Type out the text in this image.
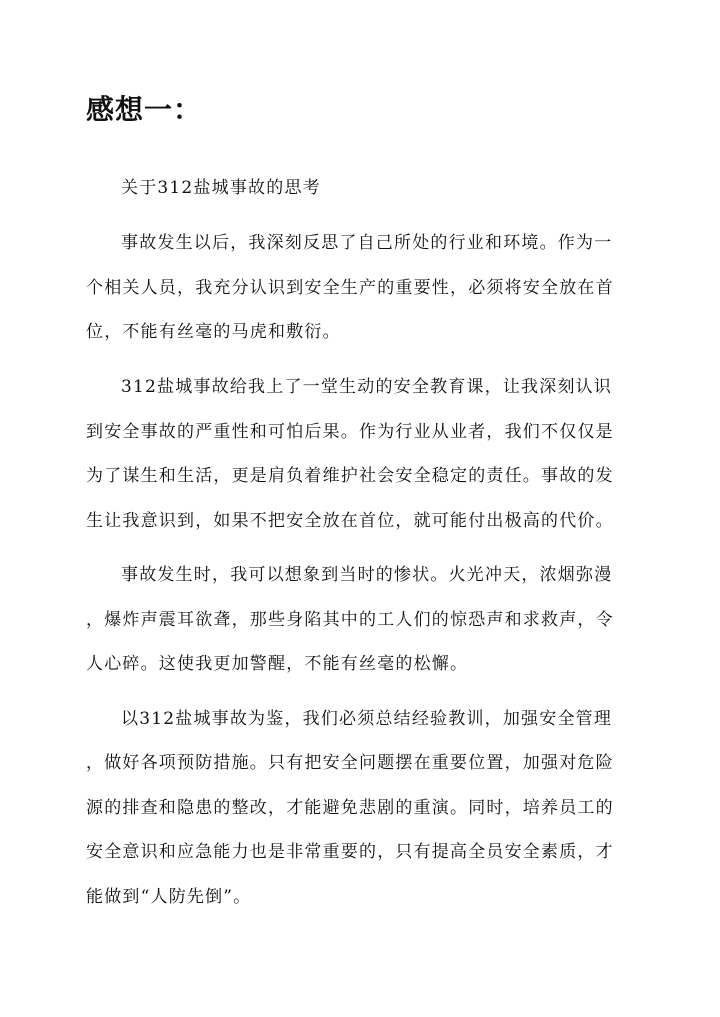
感想一：
关于312盐城事故的思考
事故发生以后，我深刻反思了自己所处的行业和环境。作为一
个相关人员，我充分认识到安全生产的重要性，必须将安全放在首
位，不能有丝毫的马虎和敷衍。
312盐城事故给我上了一堂生动的安全教育课，让我深刻认识
到安全事故的严重性和可怕后果。作为行业从业者，我们不仅仅是
为了谋生和生活，更是肩负着维护社会安全稳定的责任。事故的发
生让我意识到，如果不把安全放在首位，就可能付出极高的代价。
事故发生时，我可以想象到当时的惨状。火光冲天，浓烟弥漫
，爆炸声震耳欲聋，那些身陷其中的工人们的惊恐声和求救声，令
人心碎。这使我更加警醒，不能有丝毫的松懈。
以312盐城事故为鉴，我们必须总结经验教训，加强安全管理
，做好各项预防措施。只有把安全问题摆在重要位置，加强对危险
源的排查和隐患的整改，才能避免悲剧的重演。同时，培养员工的
安全意识和应急能力也是非常重要的，只有提高全员安全素质，才
能做到“人防先倒”。
